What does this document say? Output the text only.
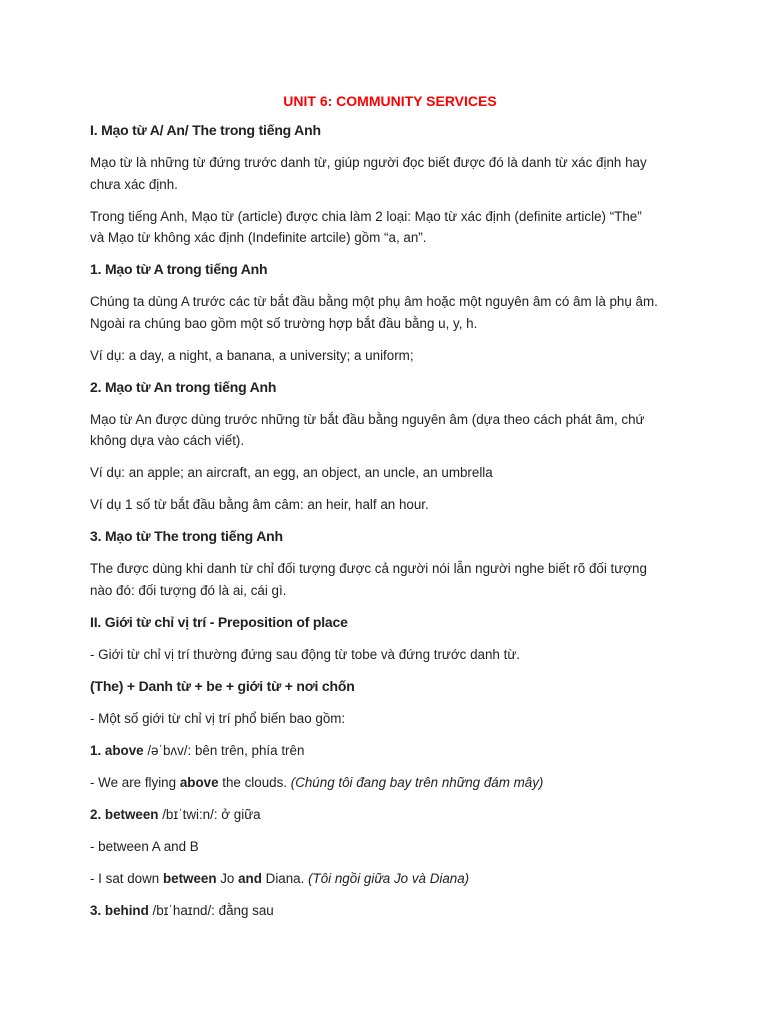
UNIT 6: COMMUNITY SERVICES
I. Mạo từ A/ An/ The trong tiếng Anh
Mạo từ là những từ đứng trước danh từ, giúp người đọc biết được đó là danh từ xác định hay
chưa xác định.
Trong tiếng Anh, Mạo từ (article) được chia làm 2 loại: Mạo từ xác định (definite article) “The”
và Mạo từ không xác định (Indefinite artcile) gồm “a, an”.
1. Mạo từ A trong tiếng Anh
Chúng ta dùng A trước các từ bắt đầu bằng một phụ âm hoặc một nguyên âm có âm là phụ âm.
Ngoài ra chúng bao gồm một số trường hợp bắt đầu bằng u, y, h.
Ví dụ: a day, a night, a banana, a university; a uniform;
2. Mạo từ An trong tiếng Anh
Mạo từ An được dùng trước những từ bắt đầu bằng nguyên âm (dựa theo cách phát âm, chứ
không dựa vào cách viết).
Ví dụ: an apple; an aircraft, an egg, an object, an uncle, an umbrella
Ví dụ 1 số từ bắt đầu bằng âm câm: an heir, half an hour.
3. Mạo từ The trong tiếng Anh
The được dùng khi danh từ chỉ đối tượng được cả người nói lẫn người nghe biết rõ đối tượng
nào đó: đối tượng đó là ai, cái gì.
II. Giới từ chỉ vị trí - Preposition of place
- Giới từ chỉ vị trí thường đứng sau động từ tobe và đứng trước danh từ.
(The) + Danh từ + be + giới từ + nơi chốn
- Một số giới từ chỉ vị trí phổ biến bao gồm:
1. above /əˈbʌv/: bên trên, phía trên
- We are flying above the clouds. (Chúng tôi đang bay trên những đám mây)
2. between /bɪˈtwi:n/: ở giữa
- between A and B
- I sat down between Jo and Diana. (Tôi ngồi giữa Jo và Diana)
3. behind /bɪˈhaɪnd/: đằng sau
